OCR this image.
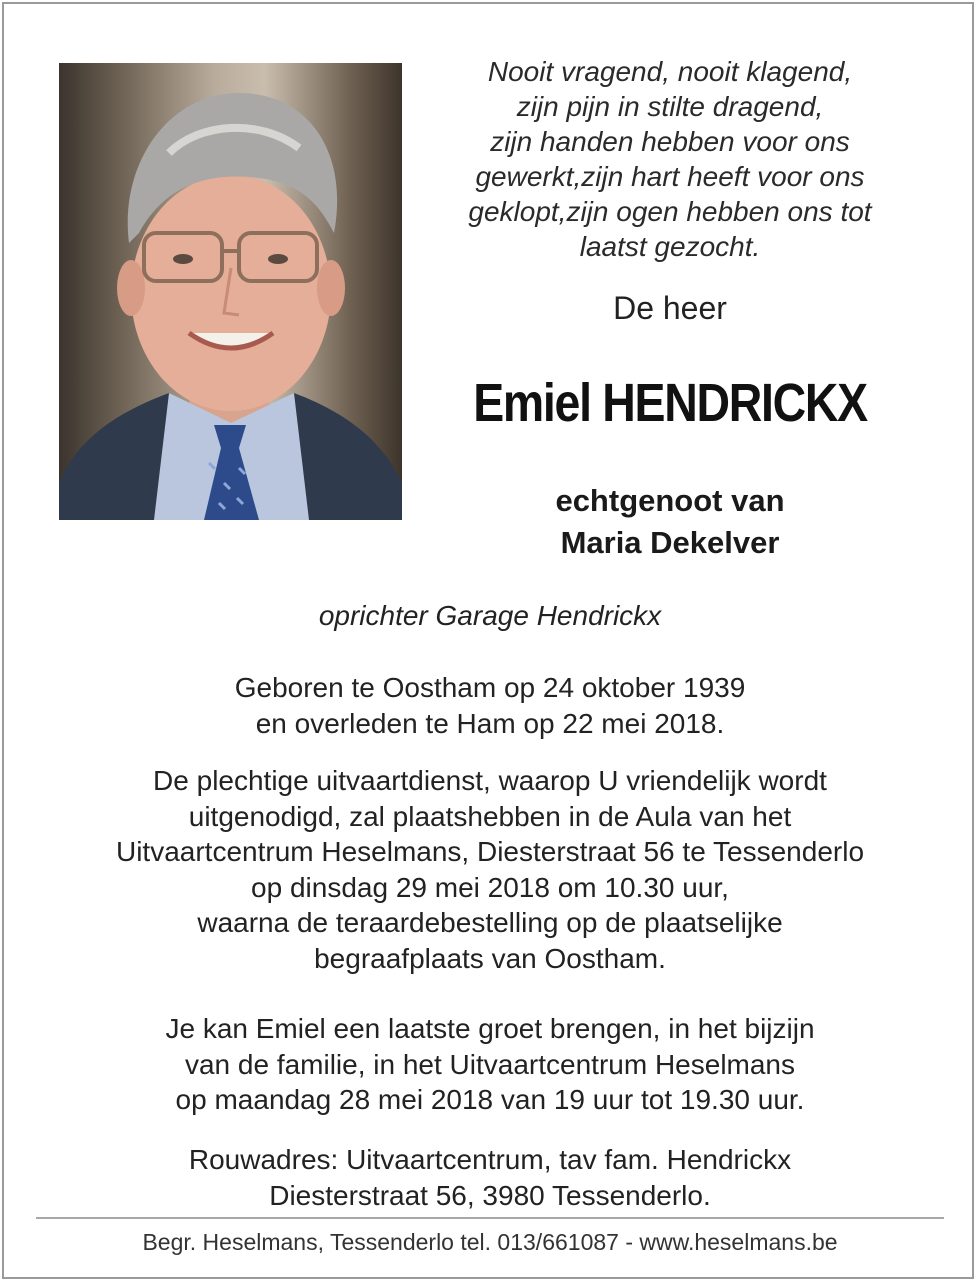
Nooit vragend, nooit klagend,
zijn pijn in stilte dragend,
zijn handen hebben voor ons
gewerkt,zijn hart heeft voor ons
geklopt,zijn ogen hebben ons tot
laatst gezocht.
De heer
Emiel HENDRICKX
echtgenoot van
Maria Dekelver
oprichter Garage Hendrickx
Geboren te Oostham op 24 oktober 1939
en overleden te Ham op 22 mei 2018.
De plechtige uitvaartdienst, waarop U vriendelijk wordt
uitgenodigd, zal plaatshebben in de Aula van het
Uitvaartcentrum Heselmans, Diesterstraat 56 te Tessenderlo
op dinsdag 29 mei 2018 om 10.30 uur,
waarna de teraardebestelling op de plaatselijke
begraafplaats van Oostham.
Je kan Emiel een laatste groet brengen, in het bijzijn
van de familie, in het Uitvaartcentrum Heselmans
op maandag 28 mei 2018 van 19 uur tot 19.30 uur.
Rouwadres: Uitvaartcentrum, tav fam. Hendrickx
Diesterstraat 56, 3980 Tessenderlo.
Begr. Heselmans, Tessenderlo tel. 013/661087 - www.heselmans.be
